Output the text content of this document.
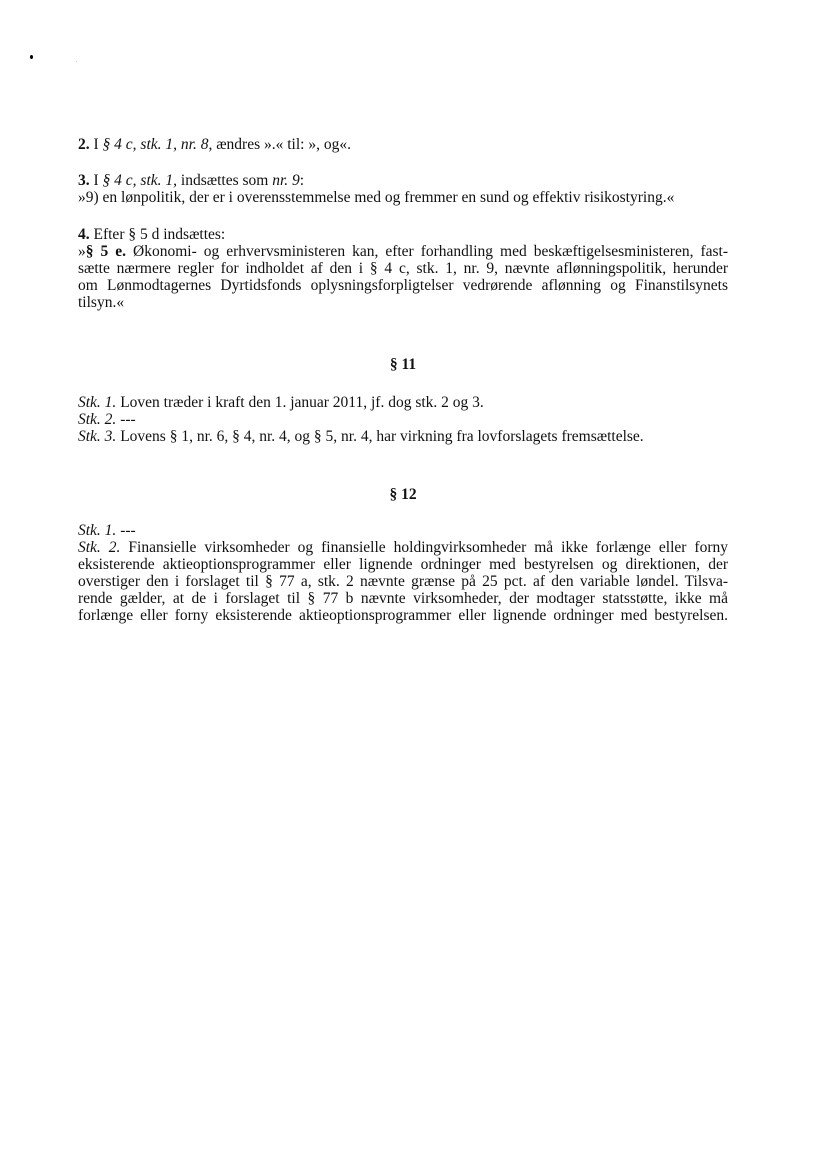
2. I § 4 c, stk. 1, nr. 8, ændres ».« til: », og«.
3. I § 4 c, stk. 1, indsættes som nr. 9:
»9) en lønpolitik, der er i overensstemmelse med og fremmer en sund og effektiv risikostyring.«
4. Efter § 5 d indsættes:
»§ 5 e. Økonomi- og erhvervsministeren kan, efter forhandling med beskæftigelsesministeren, fast-
sætte nærmere regler for indholdet af den i § 4 c, stk. 1, nr. 9, nævnte aflønningspolitik, herunder
om Lønmodtagernes Dyrtidsfonds oplysningsforpligtelser vedrørende aflønning og Finanstilsynets
tilsyn.«
§ 11
Stk. 1. Loven træder i kraft den 1. januar 2011, jf. dog stk. 2 og 3.
Stk. 2. ---
Stk. 3. Lovens § 1, nr. 6, § 4, nr. 4, og § 5, nr. 4, har virkning fra lovforslagets fremsættelse.
§ 12
Stk. 1. ---
Stk. 2. Finansielle virksomheder og finansielle holdingvirksomheder må ikke forlænge eller forny
eksisterende aktieoptionsprogrammer eller lignende ordninger med bestyrelsen og direktionen, der
overstiger den i forslaget til § 77 a, stk. 2 nævnte grænse på 25 pct. af den variable løndel. Tilsva-
rende gælder, at de i forslaget til § 77 b nævnte virksomheder, der modtager statsstøtte, ikke må
forlænge eller forny eksisterende aktieoptionsprogrammer eller lignende ordninger med bestyrelsen.
